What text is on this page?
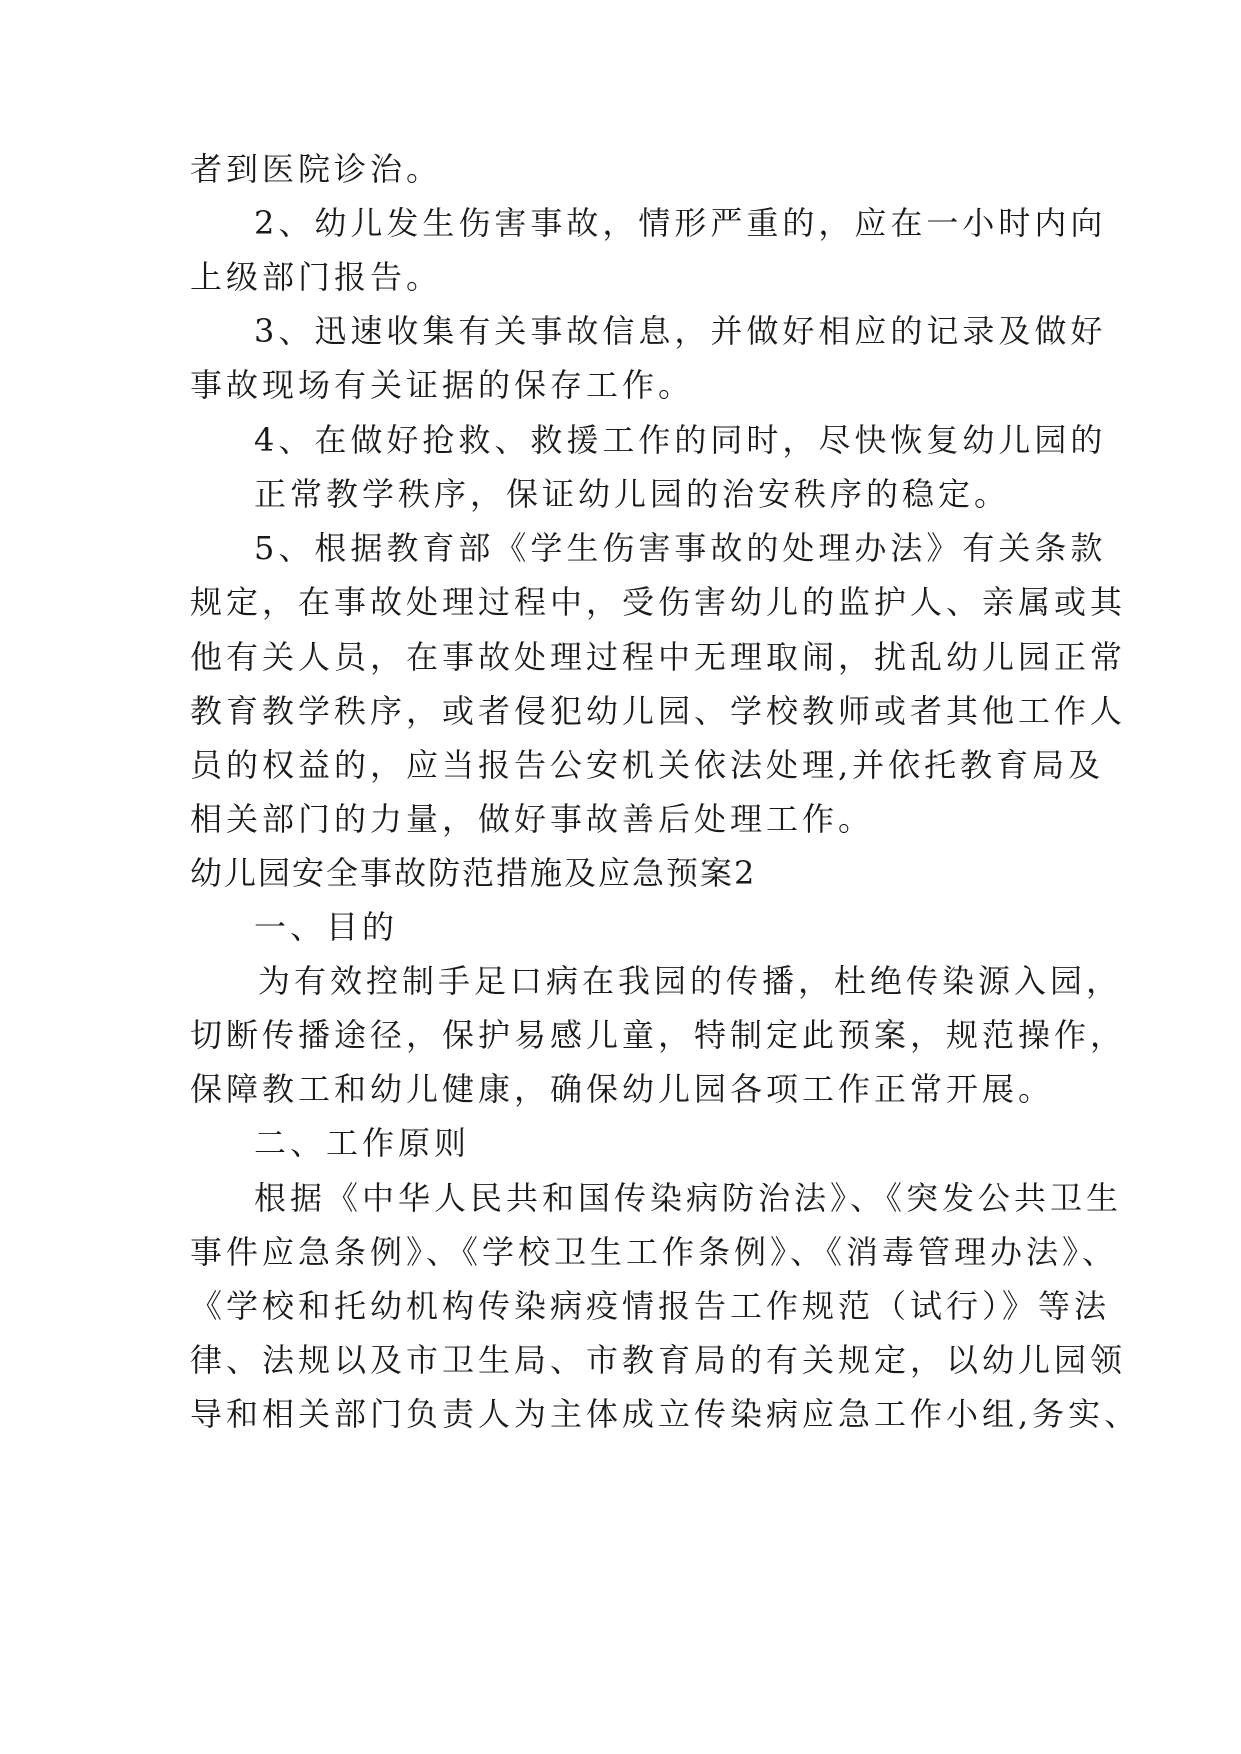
者到医院诊治。
2、幼儿发生伤害事故，情形严重的，应在一小时内向
上级部门报告。
3、迅速收集有关事故信息，并做好相应的记录及做好
事故现场有关证据的保存工作。
4、在做好抢救、救援工作的同时，尽快恢复幼儿园的
正常教学秩序，保证幼儿园的治安秩序的稳定。
5、根据教育部《学生伤害事故的处理办法》有关条款
规定，在事故处理过程中，受伤害幼儿的监护人、亲属或其
他有关人员，在事故处理过程中无理取闹，扰乱幼儿园正常
教育教学秩序，或者侵犯幼儿园、学校教师或者其他工作人
员的权益的，应当报告公安机关依法处理,并依托教育局及
相关部门的力量，做好事故善后处理工作。
幼儿园安全事故防范措施及应急预案2
一、目的
为有效控制手足口病在我园的传播，杜绝传染源入园，
切断传播途径，保护易感儿童，特制定此预案，规范操作，
保障教工和幼儿健康，确保幼儿园各项工作正常开展。
二、工作原则
根据《中华人民共和国传染病防治法》、《突发公共卫生
事件应急条例》、《学校卫生工作条例》、《消毒管理办法》、
《学校和托幼机构传染病疫情报告工作规范（试行）》等法
律、法规以及市卫生局、市教育局的有关规定，以幼儿园领
导和相关部门负责人为主体成立传染病应急工作小组,务实、
